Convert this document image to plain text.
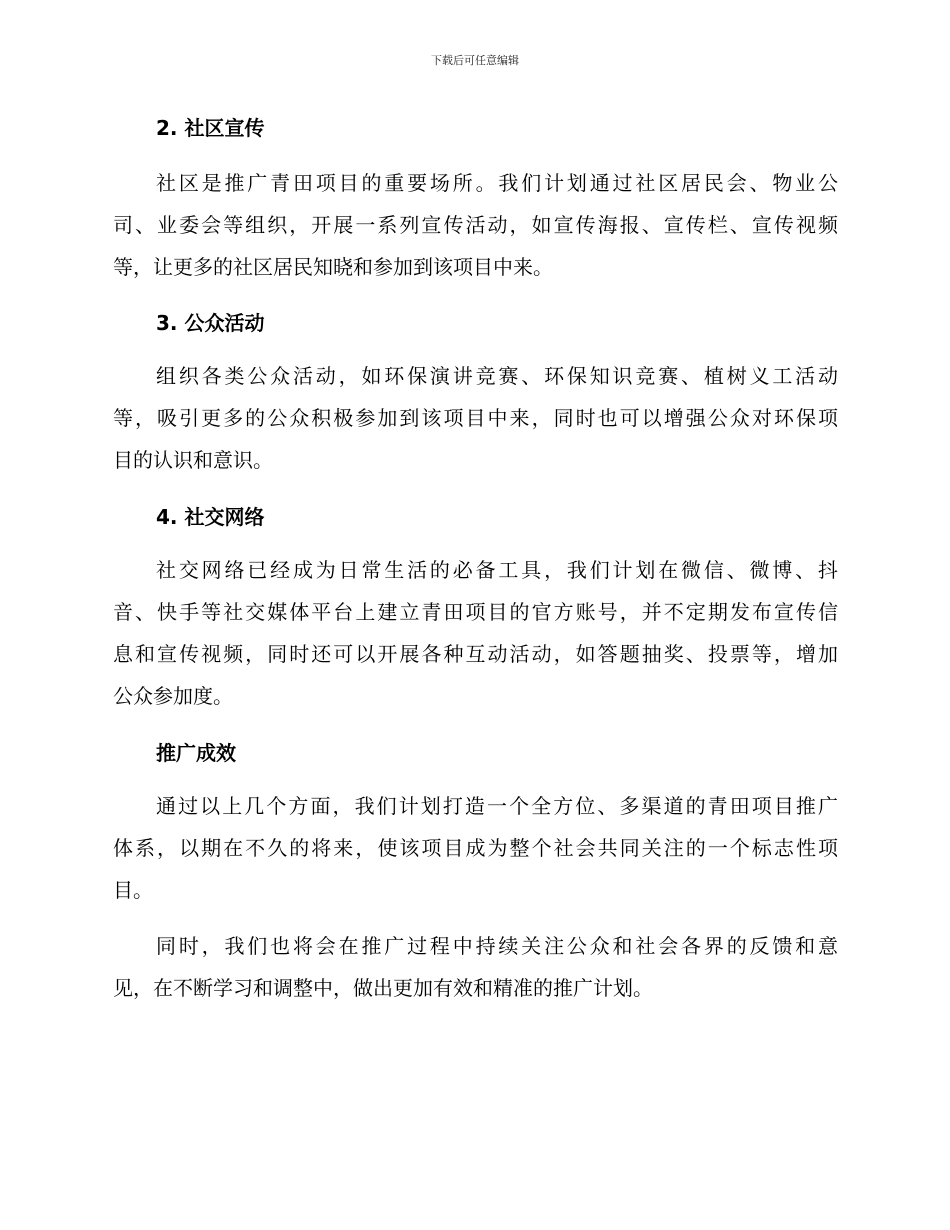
下载后可任意编辑
2. 社区宣传
社区是推广青田项目的重要场所。我们计划通过社区居民会、物业公
司、业委会等组织，开展一系列宣传活动，如宣传海报、宣传栏、宣传视频
等，让更多的社区居民知晓和参加到该项目中来。
3. 公众活动
组织各类公众活动，如环保演讲竞赛、环保知识竞赛、植树义工活动
等，吸引更多的公众积极参加到该项目中来，同时也可以增强公众对环保项
目的认识和意识。
4. 社交网络
社交网络已经成为日常生活的必备工具，我们计划在微信、微博、抖
音、快手等社交媒体平台上建立青田项目的官方账号，并不定期发布宣传信
息和宣传视频，同时还可以开展各种互动活动，如答题抽奖、投票等，增加
公众参加度。
推广成效
通过以上几个方面，我们计划打造一个全方位、多渠道的青田项目推广
体系，以期在不久的将来，使该项目成为整个社会共同关注的一个标志性项
目。
同时，我们也将会在推广过程中持续关注公众和社会各界的反馈和意
见，在不断学习和调整中，做出更加有效和精准的推广计划。
